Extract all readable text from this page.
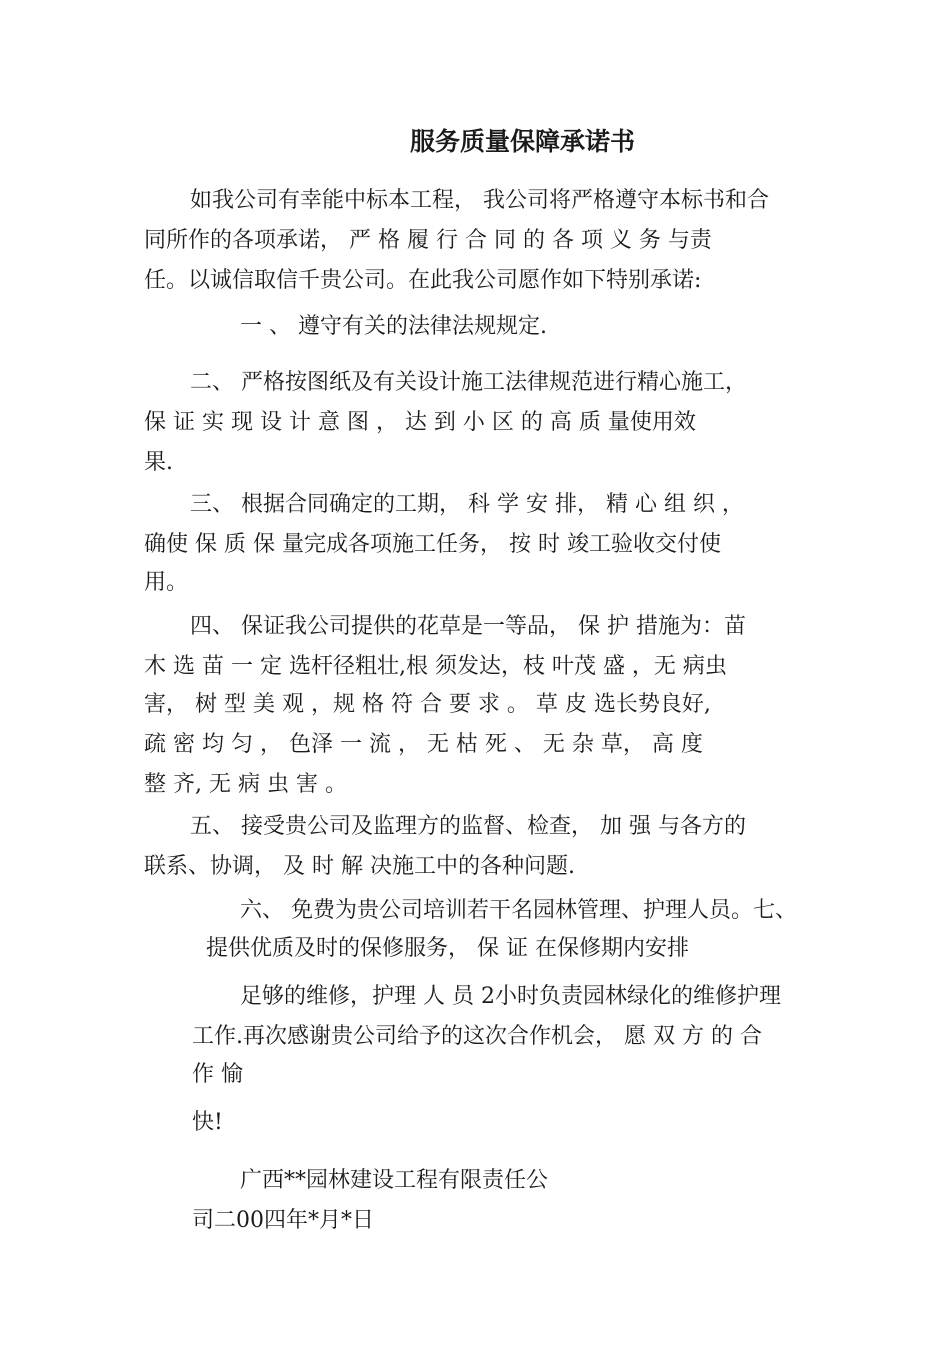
服务质量保障承诺书

如我公司有幸能中标本工程， 我公司将严格遵守本标书和合

同所作的各项承诺， 严 格 履 行 合 同 的 各 项 义 务 与责

任。以诚信取信千贵公司。在此我公司愿作如下特别承诺:

一 、 遵守有关的法律法规规定.

二、 严格按图纸及有关设计施工法律规范进行精心施工，

保 证 实 现 设 计 意 图 ， 达 到 小 区 的 高 质 量使用效

果.

三、 根据合同确定的工期， 科 学 安 排， 精 心 组 织 ，

确使 保 质 保 量完成各项施工任务， 按 时 竣工验收交付使

用。

四、 保证我公司提供的花草是一等品， 保 护 措施为：苗

木 选 苗 一 定 选杆径粗壮,根 须发达，枝 叶茂 盛 ，无 病虫

害， 树 型 美 观 ，规 格 符 合 要 求 。 草 皮 选长势良好,

疏 密 均 匀 ， 色泽 一 流 ， 无 枯 死 、 无 杂 草， 高 度

整 齐, 无 病 虫 害 。

五、 接受贵公司及监理方的监督、检查， 加 强 与各方的

联系、协调， 及 时 解 决施工中的各种问题.

六、 免费为贵公司培训若干名园林管理、护理人员。七、

提供优质及时的保修服务， 保 证 在保修期内安排

足够的维修，护理 人 员 2小时负责园林绿化的维修护理

工作.再次感谢贵公司给予的这次合作机会， 愿 双 方 的 合

作 愉

快!

广西**园林建设工程有限责任公

司二00四年*月*日
